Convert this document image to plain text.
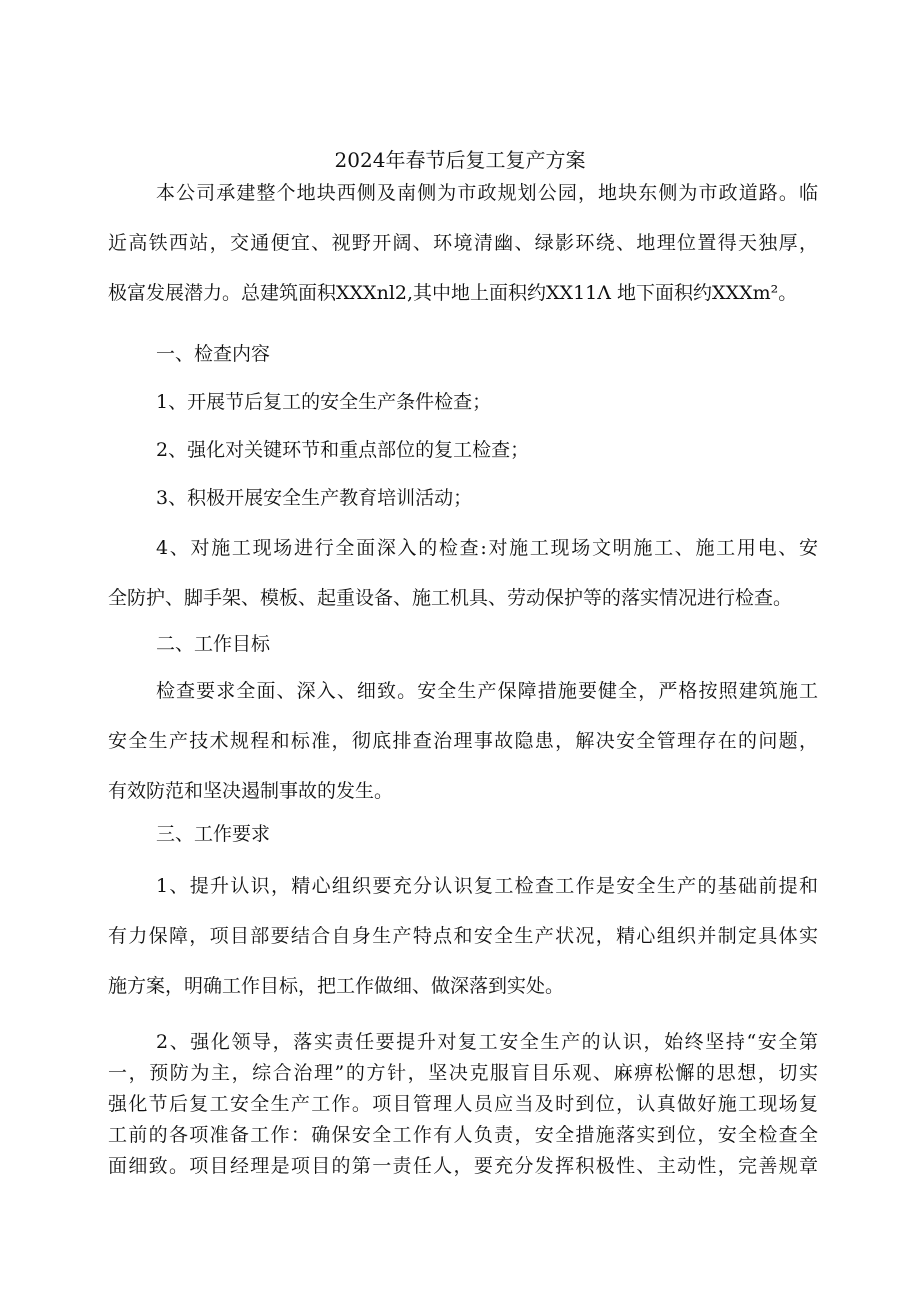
2024年春节后复工复产方案
本公司承建整个地块西侧及南侧为市政规划公园，地块东侧为市政道路。临
近高铁西站，交通便宜、视野开阔、环境清幽、绿影环绕、地理位置得天独厚，
极富发展潜力。总建筑面积XXXnl2,其中地上面积约XX11Λ 地下面积约XXXm²。
一、检查内容
1、开展节后复工的安全生产条件检查；
2、强化对关键环节和重点部位的复工检查；
3、积极开展安全生产教育培训活动；
4、对施工现场进行全面深入的检查:对施工现场文明施工、施工用电、安
全防护、脚手架、模板、起重设备、施工机具、劳动保护等的落实情况进行检查。
二、工作目标
检查要求全面、深入、细致。安全生产保障措施要健全，严格按照建筑施工
安全生产技术规程和标准，彻底排查治理事故隐患，解决安全管理存在的问题，
有效防范和坚决遏制事故的发生。
三、工作要求
1、提升认识，精心组织要充分认识复工检查工作是安全生产的基础前提和
有力保障，项目部要结合自身生产特点和安全生产状况，精心组织并制定具体实
施方案，明确工作目标，把工作做细、做深落到实处。
2、强化领导，落实责任要提升对复工安全生产的认识，始终坚持“安全第
一，预防为主，综合治理”的方针，坚决克服盲目乐观、麻痹松懈的思想，切实
强化节后复工安全生产工作。项目管理人员应当及时到位，认真做好施工现场复
工前的各项准备工作：确保安全工作有人负责，安全措施落实到位，安全检查全
面细致。项目经理是项目的第一责任人，要充分发挥积极性、主动性，完善规章
